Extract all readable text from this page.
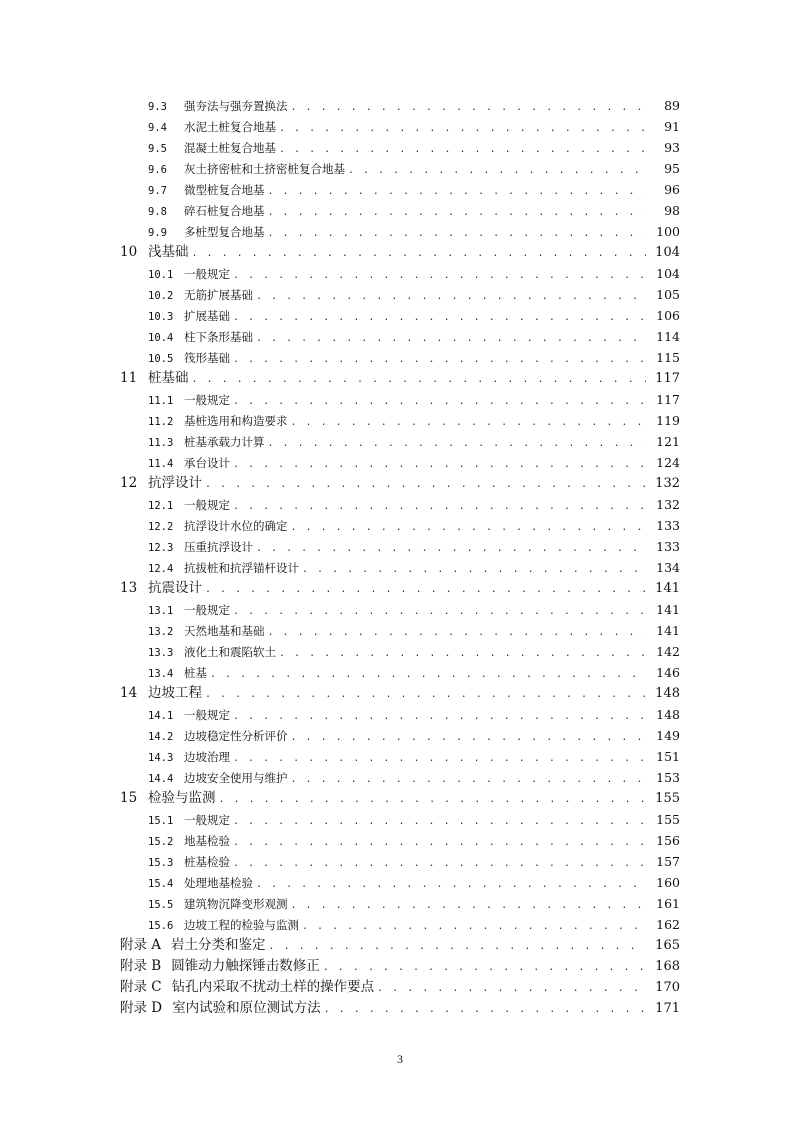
9.3	强夯法与强夯置换法 . . .	89
9.4	水泥土桩复合地基 . . .	91
9.5	混凝土桩复合地基 . . .	93
9.6	灰土挤密桩和土挤密桩复合地基 . . .	95
9.7	微型桩复合地基 . . .	96
9.8	碎石桩复合地基 . . .	98
9.9	多桩型复合地基 . . .	100
10 浅基础 . . .	104
10.1 一般规定 . . .	104
10.2 无筋扩展基础 . . .	105
10.3 扩展基础 . . .	106
10.4 柱下条形基础 . . .	114
10.5 筏形基础 . . .	115
11 桩基础 . . .	117
11.1 一般规定 . . .	117
11.2 基桩选用和构造要求 . . .	119
11.3 桩基承载力计算 . . .	121
11.4 承台设计 . . .	124
12 抗浮设计 . . .	132
12.1 一般规定 . . .	132
12.2 抗浮设计水位的确定 . . .	133
12.3 压重抗浮设计 . . .	133
12.4 抗拔桩和抗浮锚杆设计 . . .	134
13 抗震设计 . . .	141
13.1 一般规定 . . .	141
13.2 天然地基和基础 . . .	141
13.3 液化土和震陷软土 . . .	142
13.4 桩基 . . .	146
14 边坡工程 . . .	148
14.1 一般规定 . . .	148
14.2 边坡稳定性分析评价 . . .	149
14.3 边坡治理 . . .	151
14.4 边坡安全使用与维护 . . .	153
15 检验与监测 . . .	155
15.1 一般规定 . . .	155
15.2 地基检验 . . .	156
15.3 桩基检验 . . .	157
15.4 处理地基检验 . . .	160
15.5 建筑物沉降变形观测 . . .	161
15.6 边坡工程的检验与监测 . . .	162
附录 A 岩土分类和鉴定 . . .	165
附录 B 圆锥动力触探锤击数修正 . . .	168
附录 C 钻孔内采取不扰动土样的操作要点 . . .	170
附录 D 室内试验和原位测试方法 . . .	171
3
